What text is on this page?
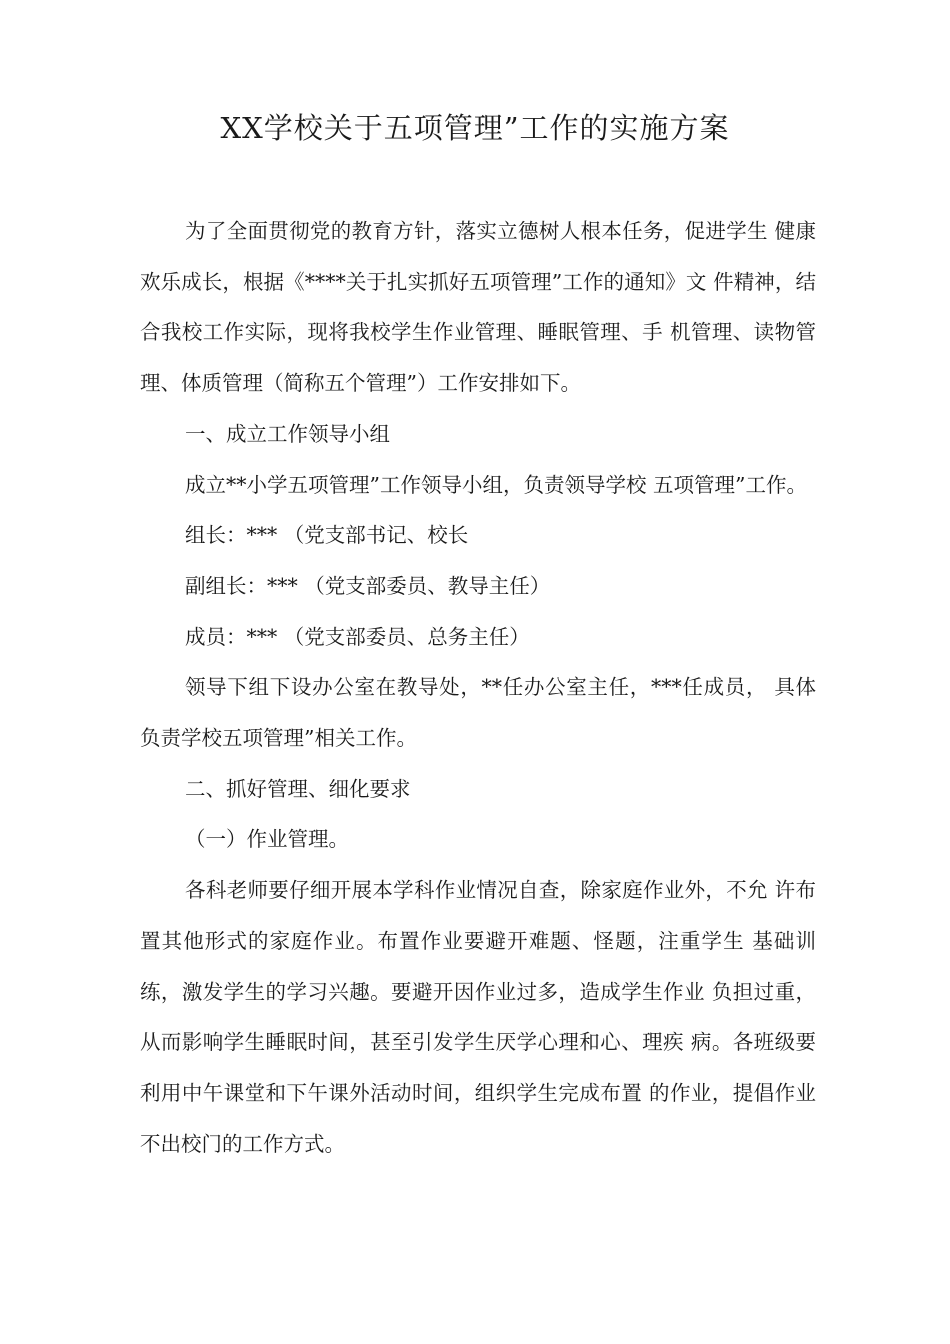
XX学校关于五项管理”工作的实施方案

为了全面贯彻党的教育方针，落实立德树人根本任务，促进学生 健康欢乐成长，根据《****关于扎实抓好五项管理”工作的通知》文 件精神，结合我校工作实际，现将我校学生作业管理、睡眠管理、手 机管理、读物管理、体质管理（简称五个管理”）工作安排如下。

一、成立工作领导小组

成立**小学五项管理”工作领导小组，负责领导学校 五项管理”工作。

组长：*** （党支部书记、校长

副组长：*** （党支部委员、教导主任）

成员：*** （党支部委员、总务主任）

领导下组下设办公室在教导处，**任办公室主任，***任成员， 具体负责学校五项管理”相关工作。

二、抓好管理、细化要求

（一）作业管理。

各科老师要仔细开展本学科作业情况自查，除家庭作业外，不允 许布置其他形式的家庭作业。布置作业要避开难题、怪题，注重学生 基础训练，激发学生的学习兴趣。要避开因作业过多，造成学生作业 负担过重，从而影响学生睡眠时间，甚至引发学生厌学心理和心、理疾 病。各班级要利用中午课堂和下午课外活动时间，组织学生完成布置 的作业，提倡作业不出校门的工作方式。
